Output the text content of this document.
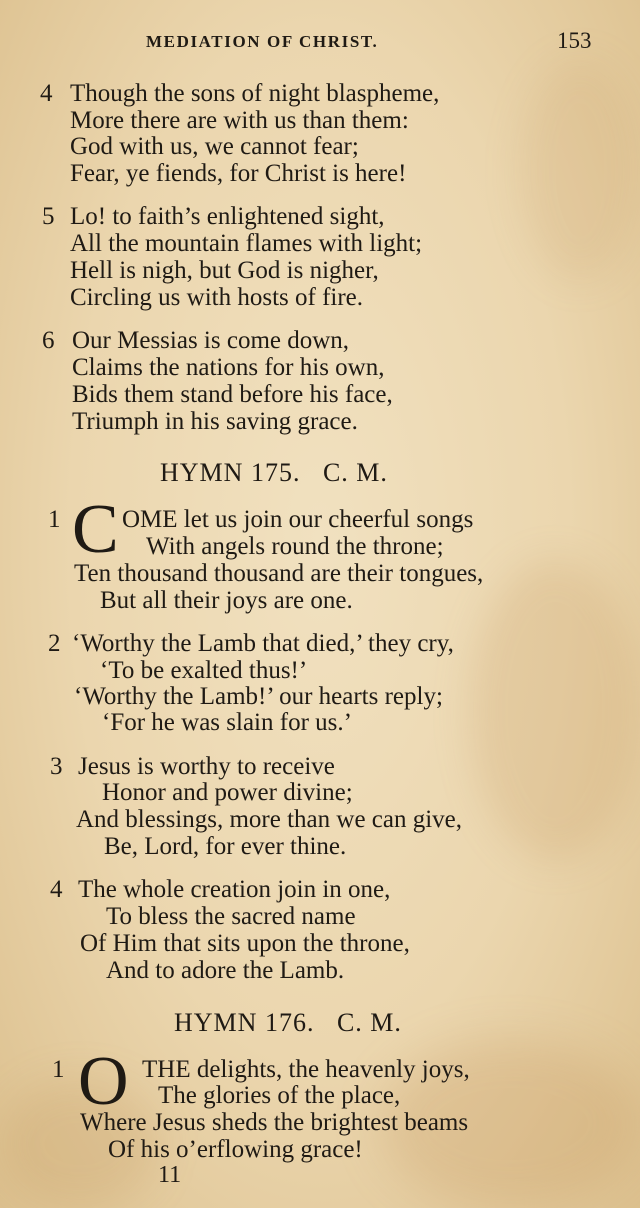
MEDIATION OF CHRIST.	153
4 Though the sons of night blaspheme,
More there are with us than them:
God with us, we cannot fear;
Fear, ye fiends, for Christ is here!
5 Lo! to faith’s enlightened sight,
All the mountain flames with light;
Hell is nigh, but God is nigher,
Circling us with hosts of fire.
6 Our Messias is come down,
Claims the nations for his own,
Bids them stand before his face,
Triumph in his saving grace.
HYMN 175.   C. M.
1 C OME let us join our cheerful songs
With angels round the throne;
Ten thousand thousand are their tongues,
But all their joys are one.
2 ‘Worthy the Lamb that died,’ they cry,
‘To be exalted thus!’
‘Worthy the Lamb!’ our hearts reply;
‘For he was slain for us.’
3 Jesus is worthy to receive
Honor and power divine;
And blessings, more than we can give,
Be, Lord, for ever thine.
4 The whole creation join in one,
To bless the sacred name
Of Him that sits upon the throne,
And to adore the Lamb.
HYMN 176.   C. M.
1 O THE delights, the heavenly joys,
The glories of the place,
Where Jesus sheds the brightest beams
Of his o’erflowing grace!
11
